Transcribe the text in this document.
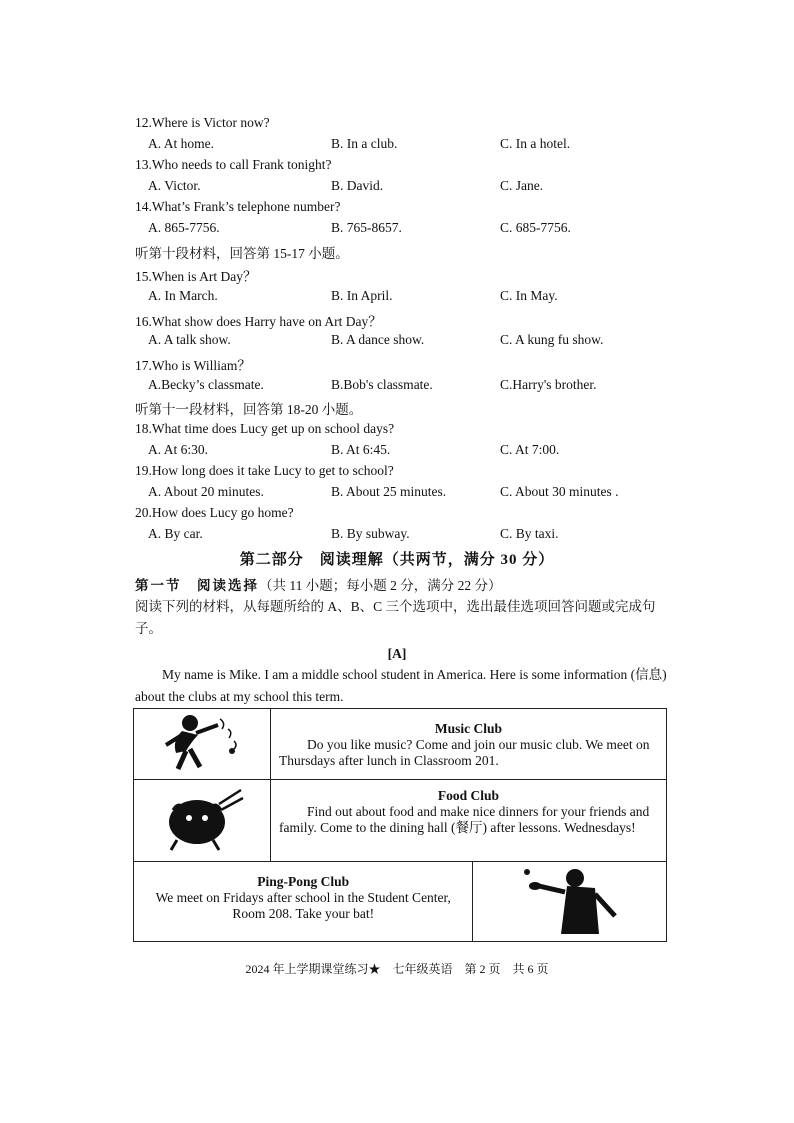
12.Where is Victor now?
A. At home.	B. In a club.	C. In a hotel.
13.Who needs to call Frank tonight?
A. Victor.	B. David.	C. Jane.
14.What’s Frank’s telephone number?
A. 865-7756.	B. 765-8657.	C. 685-7756.
听第十段材料，回答第 15-17 小题。
15.When is Art Day？
A. In March.	B. In April.	C. In May.
16.What show does Harry have on Art Day？
A. A talk show.	B. A dance show.	C. A kung fu show.
17.Who is William？
A.Becky’s classmate.	B.Bob's classmate.	C.Harry's brother.
听第十一段材料，回答第 18-20 小题。
18.What time does Lucy get up on school days?
A. At 6:30.	B. At 6:45.	C. At 7:00.
19.How long does it take Lucy to get to school?
A. About 20 minutes.	B. About 25 minutes.	C. About 30 minutes .
20.How does Lucy go home?
A. By car.	B. By subway.	C. By taxi.
第二部分　阅读理解（共两节，满分 30 分）
第一节　阅读选择（共 11 小题；每小题 2 分，满分 22 分）
阅读下列的材料，从每题所给的 A、B、C 三个选项中，选出最佳选项回答问题或完成句子。
[A]
My name is Mike. I am a middle school student in America. Here is some information (信息) about the clubs at my school this term.

Music Club
Do you like music? Come and join our music club. We meet on Thursdays after lunch in Classroom 201.	

Food Club
Find out about food and make nice dinners for your friends and family. Come to the dining hall (餐厅) after lessons. Wednesdays!	

Ping-Pong Club
We meet on Fridays after school in the Student Center, Room 208. Take your bat!

2024 年上学期课堂练习★　七年级英语　第 2 页　共 6 页
